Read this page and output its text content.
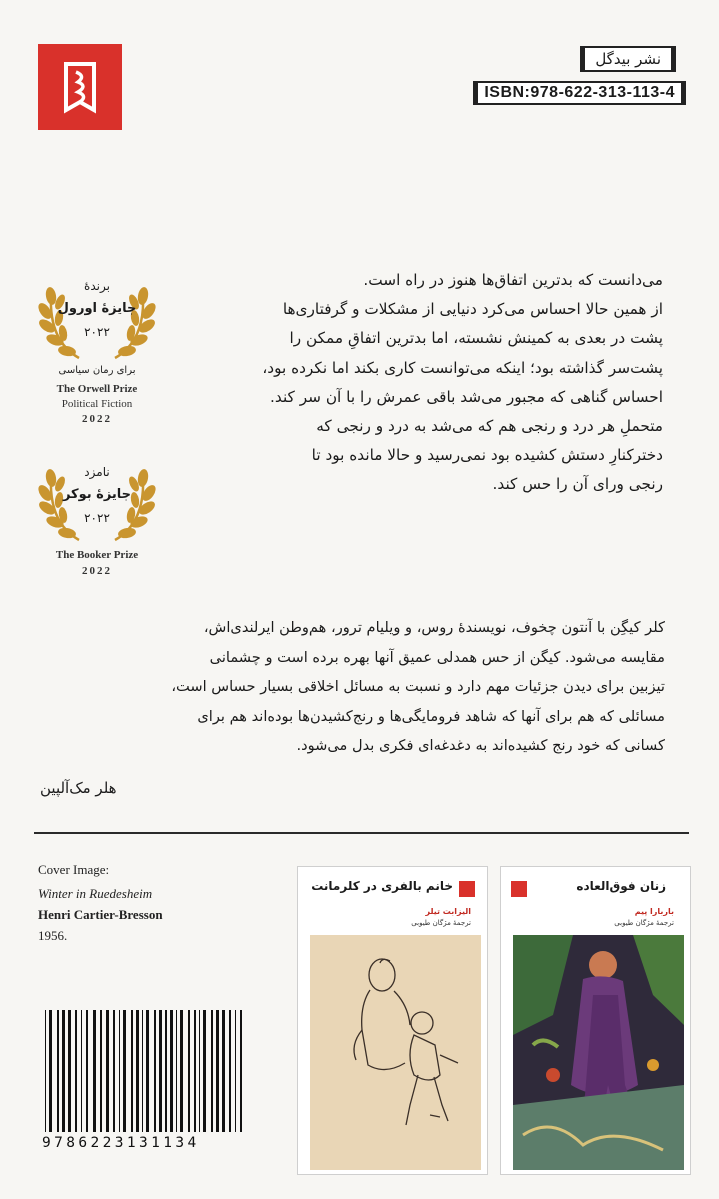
نشر بیدگل
ISBN:978-622-313-113-4
برندهٔ
جایزهٔ اورول
۲۰۲۲
برای رمان سیاسی
The Orwell Prize
Political Fiction
2022
نامزد
جایزهٔ بوکر
۲۰۲۲
The Booker Prize
2022
می‌دانست که بدترین اتفاق‌ها هنوز در راه است.
از همین حالا احساس می‌کرد دنیایی از مشکلات و گرفتاری‌ها
پشت در بعدی به کمینش نشسته، اما بدترین اتفاقِ ممکن را
پشت‌سر گذاشته بود؛ اینکه می‌توانست کاری بکند اما نکرده بود،
احساس گناهی که مجبور می‌شد باقی عمرش را با آن سر کند.
متحملِ هر درد و رنجی هم که می‌شد به درد و رنجی که
دخترکنارِ دستش کشیده بود نمی‌رسید و حالا مانده بود تا
رنجی ورای آن را حس کند.
کلر کیگِن با آنتون چخوف، نویسندهٔ روس، و ویلیام ترور، هم‌وطن ایرلندی‌اش،
مقایسه می‌شود. کیگن از حس همدلی عمیق آنها بهره برده است و چشمانی
تیزبین برای دیدن جزئیات مهم دارد و نسبت به مسائل اخلاقی بسیار حساس است،
مسائلی که هم برای آنها که شاهد فرومایگی‌ها و رنج‌کشیدن‌ها بوده‌اند هم برای
کسانی که خود رنج کشیده‌اند به دغدغه‌ای فکری بدل می‌شود.
هلر مک‌آلپین
Cover Image:
Winter in Ruedesheim
Henri Cartier-Bresson
1956.
زنان فوق‌العاده
باربارا پیم
ترجمهٔ مژگان طیوبی
خانم بالفری در کلرمانت
الیزابت تیلر
ترجمهٔ مژگان طیوبی
9786223131134
